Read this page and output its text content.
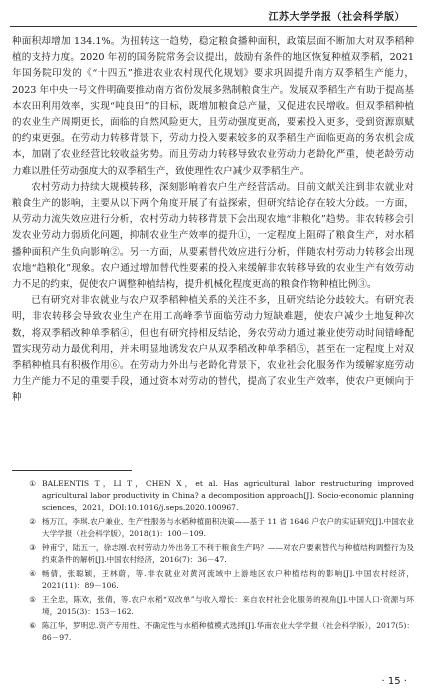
江苏大学学报（社会科学版）

种面积却增加 134.1%。为扭转这一趋势，稳定粮食播种面积，政策层面不断加大对双季稻种植的支持力度。2020 年初的国务院常务会议提出，鼓励有条件的地区恢复种植双季稻，2021 年国务院印发的《“十四五”推进农业农村现代化规划》要求巩固提升南方双季稻生产能力，2023 年中央一号文件明确要推动南方省份发展多熟制粮食生产。发展双季稻生产有助于提高基本农田利用效率，实现“吨良田”的目标，既增加粮食总产量，又促进农民增收。但双季稻种植的农业生产周期更长，面临的自然风险更大，且劳动强度更高，要素投入更多，受到资源禀赋的约束更强。在劳动力转移背景下，劳动力投入要素较多的双季稻生产面临更高的务农机会成本，加剧了农业经营比较收益劣势。而且劳动力转移导致农业劳动力老龄化严重，使老龄劳动力难以胜任劳动强度大的双季稻生产，致使理性农户减少双季稻生产。

农村劳动力持续大规模转移，深刻影响着农户生产经营活动。目前文献关注到非农就业对粮食生产的影响，主要从以下两个角度开展了有益探索，但研究结论存在较大分歧。一方面，从劳动力流失效应进行分析，农村劳动力转移背景下会出现农地“非粮化”趋势。非农转移会引发农业劳动力弱质化问题，抑制农业生产效率的提升①，一定程度上阻碍了粮食生产，对水稻播种面积产生负向影响②。另一方面，从要素替代效应进行分析，伴随农村劳动力转移会出现农地“趋粮化”现象。农户通过增加替代性要素的投入来缓解非农转移导致的农业生产有效劳动力不足的约束，促使农户调整种植结构，提升机械化程度更高的粮食作物种植比例③。

已有研究对非农就业与农户双季稻种植关系的关注不多，且研究结论分歧较大。有研究表明，非农转移会导致农业生产在用工高峰季节面临劳动力短缺难题，使农户减少土地复种次数，将双季稻改种单季稻④，但也有研究持相反结论，务农劳动力通过兼业使劳动时间错峰配置实现劳动力最优利用，并未明显地诱发农户从双季稻改种单季稻⑤，甚至在一定程度上对双季稻种植具有积极作用⑥。在劳动力外出与老龄化背景下，农业社会化服务作为缓解家庭劳动力生产能力不足的重要手段，通过资本对劳动的替代，提高了农业生产效率，使农户更倾向于种

① BALEENTIS T，LI T，CHEN X，et al. Has agricultural labor restructuring improved agricultural labor productivity in China? a decomposition approach[J]. Socio-economic planning sciences，2021，DOI:10.1016/j.seps.2020.100967.
② 杨万江，李琪.农户兼业、生产性服务与水稻种植面积决策——基于 11 省 1646 户农户的实证研究[J].中国农业大学学报（社会科学版），2018(1)：100－109.
③ 钟甫宁，陆五一，徐志刚.农村劳动力外出务工不利于粮食生产吗？——对农户要素替代与种植结构调整行为及约束条件的解析[J].中国农村经济，2016(7)：36－47.
④ 畅倩，张聪颖，王林蔚，等.非农就业对黄河流域中上游地区农户种植结构的影响[J].中国农村经济，2021(11)：89－106.
⑤ 王全忠，陈欢，张倩，等.农户水稻“双改单”与收入增长：来自农村社会化服务的视角[J].中国人口·资源与环境，2015(3)：153－162.
⑥ 陈江华，罗明忠.资产专用性、不确定性与水稻种植模式选择[J].华南农业大学学报（社会科学版），2017(5)：86－97.
· 15 ·
